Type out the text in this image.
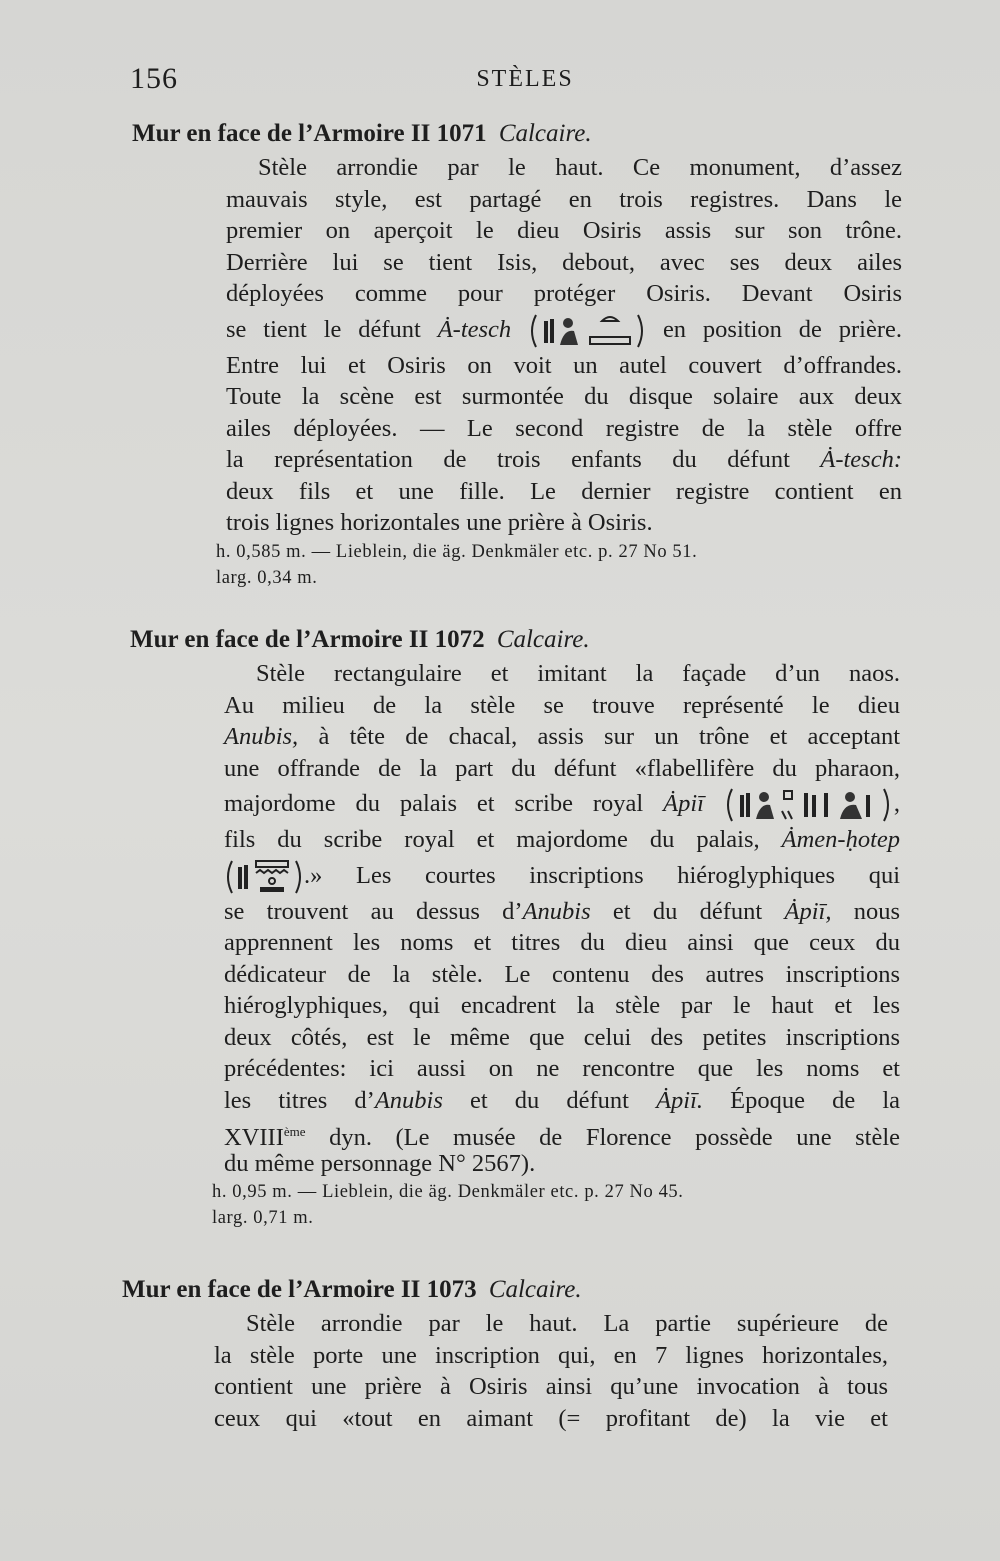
156	STÈLES
Mur en face de l’Armoire II 1071 Calcaire.
Stèle arrondie par le haut. Ce monument, d’assez
mauvais style, est partagé en trois registres. Dans le
premier on aperçoit le dieu Osiris assis sur son trône.
Derrière lui se tient Isis, debout, avec ses deux ailes
déployées comme pour protéger Osiris. Devant Osiris
se tient le défunt Ȧ-tesch	en position de prière.
Entre lui et Osiris on voit un autel couvert d’offrandes.
Toute la scène est surmontée du disque solaire aux deux
ailes déployées. — Le second registre de la stèle offre
la représentation de trois enfants du défunt Ȧ-tesch:
deux fils et une fille. Le dernier registre contient en
trois lignes horizontales une prière à Osiris.
h. 0,585 m. — Lieblein, die äg. Denkmäler etc. p. 27 No 51.
larg. 0,34 m.
Mur en face de l’Armoire II 1072 Calcaire.
Stèle rectangulaire et imitant la façade d’un naos.
Au milieu de la stèle se trouve représenté le dieu
Anubis, à tête de chacal, assis sur un trône et acceptant
une offrande de la part du défunt «flabellifère du pharaon,
majordome du palais et scribe royal Ȧpiī	,
fils du scribe royal et majordome du palais, Ȧmen-ḥotep
.» Les courtes inscriptions hiéroglyphiques qui
se trouvent au dessus d’Anubis et du défunt Ȧpiī, nous
apprennent les noms et titres du dieu ainsi que ceux du
dédicateur de la stèle. Le contenu des autres inscriptions
hiéroglyphiques, qui encadrent la stèle par le haut et les
deux côtés, est le même que celui des petites inscriptions
précédentes: ici aussi on ne rencontre que les noms et
les titres d’Anubis et du défunt Ȧpiī. Époque de la
XVIIIème dyn. (Le musée de Florence possède une stèle
du même personnage N° 2567).
h. 0,95 m. — Lieblein, die äg. Denkmäler etc. p. 27 No 45.
larg. 0,71 m.
Mur en face de l’Armoire II 1073 Calcaire.
Stèle arrondie par le haut. La partie supérieure de
la stèle porte une inscription qui, en 7 lignes horizontales,
contient une prière à Osiris ainsi qu’une invocation à tous
ceux qui «tout en aimant (= profitant de) la vie et
